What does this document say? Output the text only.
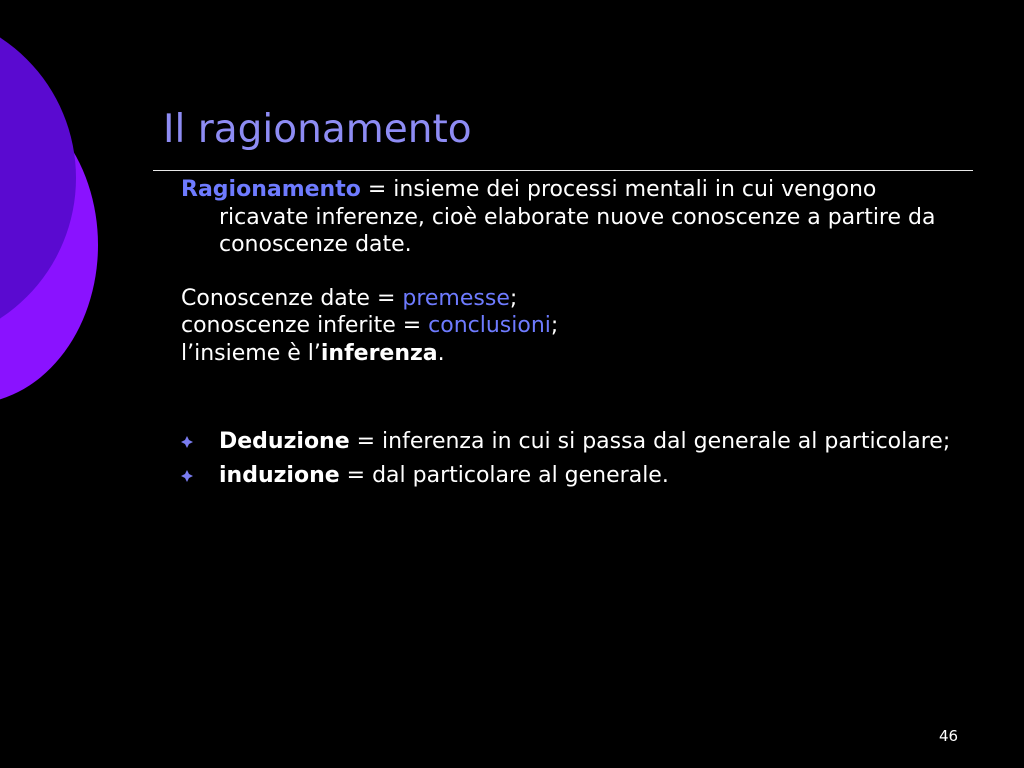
Il ragionamento

Ragionamento = insieme dei processi mentali in cui vengono ricavate inferenze, cioè elaborate nuove conoscenze a partire da conoscenze date.

Conoscenze date = premesse;

conoscenze inferite = conclusioni;

l’insieme è l’inferenza.

Deduzione = inferenza in cui si passa dal generale al particolare;

induzione = dal particolare al generale.

46
